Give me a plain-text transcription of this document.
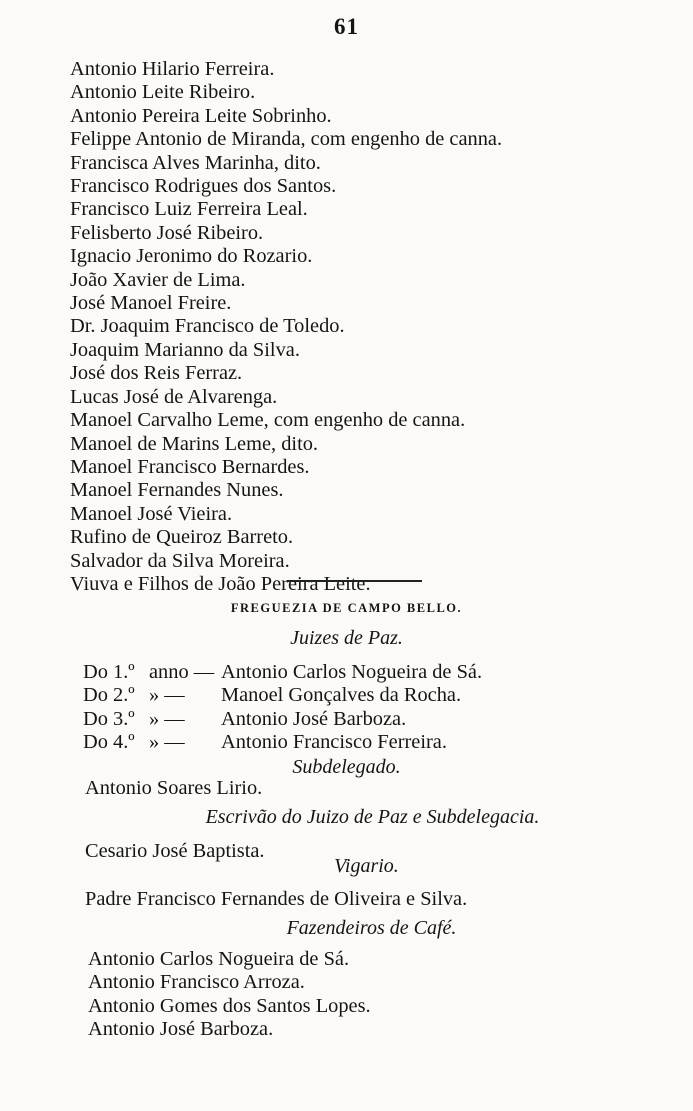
61
Antonio Hilario Ferreira.
Antonio Leite Ribeiro.
Antonio Pereira Leite Sobrinho.
Felippe Antonio de Miranda, com engenho de canna.
Francisca Alves Marinha, dito.
Francisco Rodrigues dos Santos.
Francisco Luiz Ferreira Leal.
Felisberto José Ribeiro.
Ignacio Jeronimo do Rozario.
João Xavier de Lima.
José Manoel Freire.
Dr. Joaquim Francisco de Toledo.
Joaquim Marianno da Silva.
José dos Reis Ferraz.
Lucas José de Alvarenga.
Manoel Carvalho Leme, com engenho de canna.
Manoel de Marins Leme, dito.
Manoel Francisco Bernardes.
Manoel Fernandes Nunes.
Manoel José Vieira.
Rufino de Queiroz Barreto.
Salvador da Silva Moreira.
Viuva e Filhos de João Pereira Leite.
FREGUEZIA DE CAMPO BELLO.
Juizes de Paz.
Do 1.º anno — Antonio Carlos Nogueira de Sá.
Do 2.º » —	Manoel Gonçalves da Rocha.
Do 3.º » —	Antonio José Barboza.
Do 4.º » —	Antonio Francisco Ferreira.
Subdelegado.
Antonio Soares Lirio.
Escrivão do Juizo de Paz e Subdelegacia.
Cesario José Baptista.
Vigario.
Padre Francisco Fernandes de Oliveira e Silva.
Fazendeiros de Café.
Antonio Carlos Nogueira de Sá.
Antonio Francisco Arroza.
Antonio Gomes dos Santos Lopes.
Antonio José Barboza.
